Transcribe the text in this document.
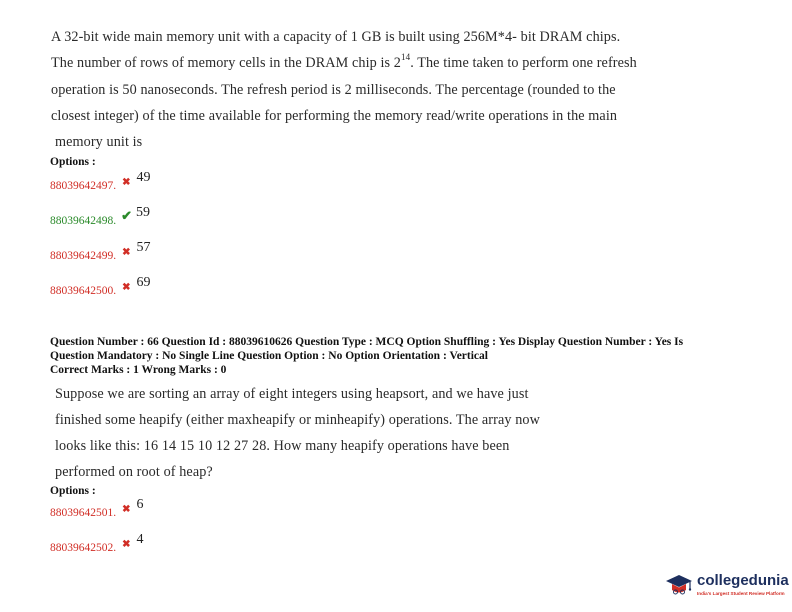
A 32-bit wide main memory unit with a capacity of 1 GB is built using 256M*4- bit DRAM chips.
The number of rows of memory cells in the DRAM chip is $2^{14}$. The time taken to perform one refresh
operation is 50 nanoseconds. The refresh period is 2 milliseconds. The percentage (rounded to the
closest integer) of the time available for performing the memory read/write operations in the main
memory unit is
Options :
88039642497. ✖ 49
88039642498. ✔ 59
88039642499. ✖ 57
88039642500. ✖ 69
Question Number : 66 Question Id : 88039610626 Question Type : MCQ Option Shuffling : Yes Display Question Number : Yes Is
Question Mandatory : No Single Line Question Option : No Option Orientation : Vertical
Correct Marks : 1 Wrong Marks : 0
Suppose we are sorting an array of eight integers using heapsort, and we have just
finished some heapify (either maxheapify or minheapify) operations. The array now
looks like this: 16 14 15 10 12 27 28. How many heapify operations have been
performed on root of heap?
Options :
88039642501. ✖ 6
88039642502. ✖ 4
collegedunia
India's Largest Student Review Platform
